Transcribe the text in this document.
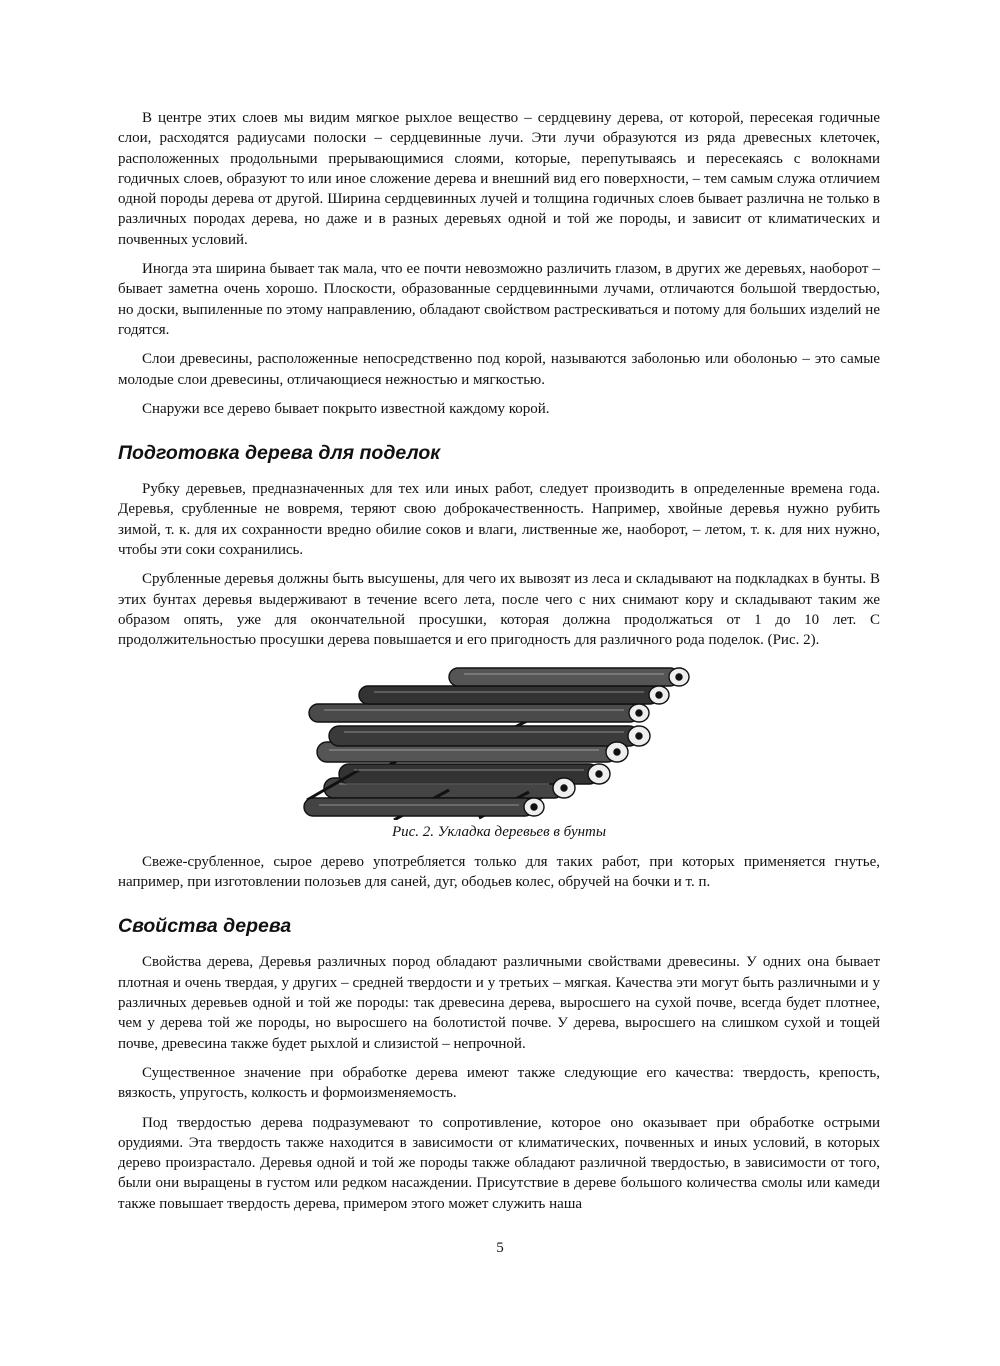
В центре этих слоев мы видим мягкое рыхлое вещество – сердцевину дерева, от которой, пересекая годичные слои, расходятся радиусами полоски – сердцевинные лучи. Эти лучи образуются из ряда древесных клеточек, расположенных продольными прерывающимися слоями, которые, перепутываясь и пересекаясь с волокнами годичных слоев, образуют то или иное сложение дерева и внешний вид его поверхности, – тем самым служа отличием одной породы дерева от другой. Ширина сердцевинных лучей и толщина годичных слоев бывает различна не только в различных породах дерева, но даже и в разных деревьях одной и той же породы, и зависит от климатических и почвенных условий.

Иногда эта ширина бывает так мала, что ее почти невозможно различить глазом, в других же деревьях, наоборот – бывает заметна очень хорошо. Плоскости, образованные сердцевинными лучами, отличаются большой твердостью, но доски, выпиленные по этому направлению, обладают свойством растрескиваться и потому для больших изделий не годятся.

Слои древесины, расположенные непосредственно под корой, называются заболонью или оболонью – это самые молодые слои древесины, отличающиеся нежностью и мягкостью.

Снаружи все дерево бывает покрыто известной каждому корой.

Подготовка дерева для поделок

Рубку деревьев, предназначенных для тех или иных работ, следует производить в определенные времена года. Деревья, срубленные не вовремя, теряют свою доброкачественность. Например, хвойные деревья нужно рубить зимой, т. к. для их сохранности вредно обилие соков и влаги, лиственные же, наоборот, – летом, т. к. для них нужно, чтобы эти соки сохранились.

Срубленные деревья должны быть высушены, для чего их вывозят из леса и складывают на подкладках в бунты. В этих бунтах деревья выдерживают в течение всего лета, после чего с них снимают кору и складывают таким же образом опять, уже для окончательной просушки, которая должна продолжаться от 1 до 10 лет. С продолжительностью просушки дерева повышается и его пригодность для различного рода поделок. (Рис. 2).

Рис. 2. Укладка деревьев в бунты

Свеже-срубленное, сырое дерево употребляется только для таких работ, при которых применяется гнутье, например, при изготовлении полозьев для саней, дуг, ободьев колес, обручей на бочки и т. п.

Свойства дерева

Свойства дерева, Деревья различных пород обладают различными свойствами древесины. У одних она бывает плотная и очень твердая, у других – средней твердости и у третьих – мягкая. Качества эти могут быть различными и у различных деревьев одной и той же породы: так древесина дерева, выросшего на сухой почве, всегда будет плотнее, чем у дерева той же породы, но выросшего на болотистой почве. У дерева, выросшего на слишком сухой и тощей почве, древесина также будет рыхлой и слизистой – непрочной.

Существенное значение при обработке дерева имеют также следующие его качества: твердость, крепость, вязкость, упругость, колкость и формоизменяемость.

Под твердостью дерева подразумевают то сопротивление, которое оно оказывает при обработке острыми орудиями. Эта твердость также находится в зависимости от климатических, почвенных и иных условий, в которых дерево произрастало. Деревья одной и той же породы также обладают различной твердостью, в зависимости от того, были они выращены в густом или редком насаждении. Присутствие в дереве большого количества смолы или камеди также повышает твердость дерева, примером этого может служить наша

5
